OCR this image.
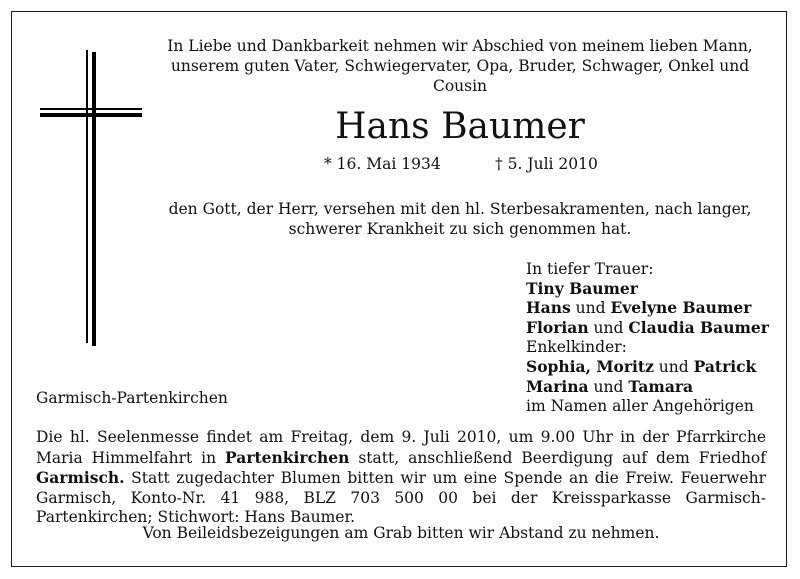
In Liebe und Dankbarkeit nehmen wir Abschied von meinem lieben Mann,
unserem guten Vater, Schwiegervater, Opa, Bruder, Schwager, Onkel und
Cousin
Hans Baumer
* 16. Mai 1934	† 5. Juli 2010
den Gott, der Herr, versehen mit den hl. Sterbesakramenten, nach langer,
schwerer Krankheit zu sich genommen hat.
In tiefer Trauer:
Tiny Baumer
Hans und Evelyne Baumer
Florian und Claudia Baumer
Enkelkinder:
Sophia, Moritz und Patrick
Marina und Tamara
im Namen aller Angehörigen
Garmisch-Partenkirchen
Die hl. Seelenmesse findet am Freitag, dem 9. Juli 2010, um 9.00 Uhr in der Pfarrkirche
Maria Himmelfahrt in Partenkirchen statt, anschließend Beerdigung auf dem Friedhof
Garmisch. Statt zugedachter Blumen bitten wir um eine Spende an die Freiw. Feuerwehr
Garmisch, Konto-Nr. 41 988, BLZ 703 500 00 bei der Kreissparkasse Garmisch-
Partenkirchen; Stichwort: Hans Baumer.
Von Beileidsbezeigungen am Grab bitten wir Abstand zu nehmen.
